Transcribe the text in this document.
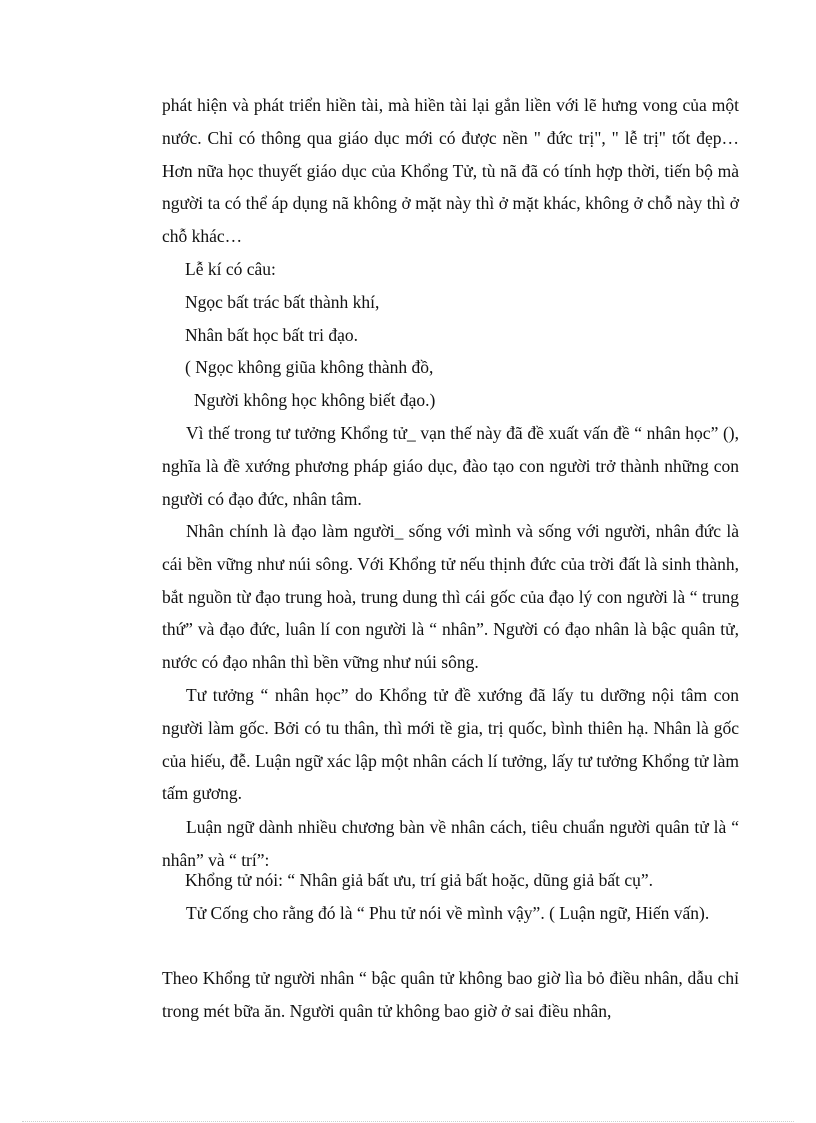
phát hiện và phát triển hiền tài, mà hiền tài lại gắn liền với lẽ hưng vong của một nước. Chỉ có thông qua giáo dục mới có được nền " đức trị", " lễ trị" tốt đẹp… Hơn nữa học thuyết giáo dục của Khổng Tử, tù nã đã có tính hợp thời, tiến bộ mà người ta có thể áp dụng nã không ở mặt này thì ở mặt khác, không ở chỗ này thì ở chỗ khác…

Lễ kí có câu:

Ngọc bất trác bất thành khí,

Nhân bất học bất tri đạo.

( Ngọc không giũa không thành đồ,

Người không học không biết đạo.)

Vì thế trong tư tưởng Khổng tử_ vạn thế này đã đề xuất vấn đề “ nhân học” (), nghĩa là đề xướng phương pháp giáo dục, đào tạo con người trở thành những con người có đạo đức, nhân tâm.

Nhân chính là đạo làm người_ sống với mình và sống với người, nhân đức là cái bền vững như núi sông. Với Khổng tử nếu thịnh đức của trời đất là sinh thành, bắt nguồn từ đạo trung hoà, trung dung thì cái gốc của đạo lý con người là “ trung thứ” và đạo đức, luân lí con người là “ nhân”. Người có đạo nhân là bậc quân tử, nước có đạo nhân thì bền vững như núi sông.

Tư tưởng “ nhân học” do Khổng tử đề xướng đã lấy tu dưỡng nội tâm con người làm gốc. Bởi có tu thân, thì mới tề gia, trị quốc, bình thiên hạ. Nhân là gốc của hiếu, đễ. Luận ngữ xác lập một nhân cách lí tưởng, lấy tư tưởng Khổng tử làm tấm gương.

Luận ngữ dành nhiều chương bàn về nhân cách, tiêu chuẩn người quân tử là “ nhân” và “ trí”:

Khổng tử nói: “ Nhân giả bất ưu, trí giả bất hoặc, dũng giả bất cụ”.

Tử Cống cho rằng đó là “ Phu tử nói về mình vậy”. ( Luận ngữ, Hiến vấn).

Theo Khổng tử người nhân “ bậc quân tử không bao giờ lìa bỏ điều nhân, dẫu chỉ trong mét bữa ăn. Người quân tử không bao giờ ở sai điều nhân,
